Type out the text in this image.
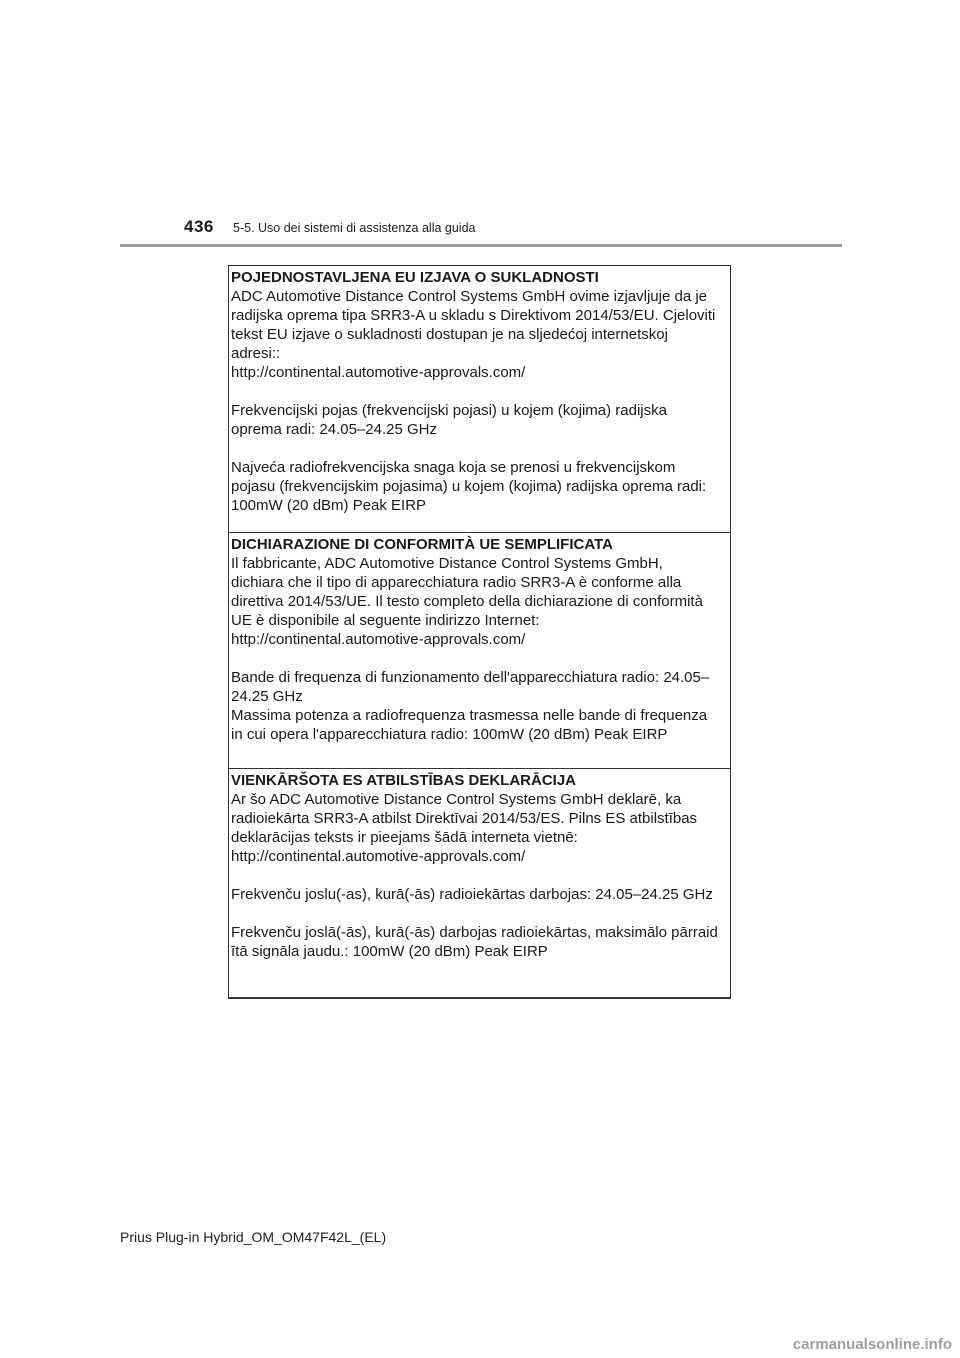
436 5-5. Uso dei sistemi di assistenza alla guida

POJEDNOSTAVLJENA EU IZJAVA O SUKLADNOSTI

ADC Automotive Distance Control Systems GmbH ovime izjavljuje da je
radijska oprema tipa SRR3-A u skladu s Direktivom 2014/53/EU. Cjeloviti
tekst EU izjave o sukladnosti dostupan je na sljedećoj internetskoj
adresi::
http://continental.automotive-approvals.com/

Frekvencijski pojas (frekvencijski pojasi) u kojem (kojima) radijska
oprema radi: 24.05–24.25 GHz

Najveća radiofrekvencijska snaga koja se prenosi u frekvencijskom
pojasu (frekvencijskim pojasima) u kojem (kojima) radijska oprema radi:
100mW (20 dBm) Peak EIRP

DICHIARAZIONE DI CONFORMITÀ UE SEMPLIFICATA

Il fabbricante, ADC Automotive Distance Control Systems GmbH,
dichiara che il tipo di apparecchiatura radio SRR3-A è conforme alla
direttiva 2014/53/UE. Il testo completo della dichiarazione di conformità
UE è disponibile al seguente indirizzo Internet:
http://continental.automotive-approvals.com/

Bande di frequenza di funzionamento dell'apparecchiatura radio: 24.05–
24.25 GHz
Massima potenza a radiofrequenza trasmessa nelle bande di frequenza
in cui opera l'apparecchiatura radio: 100mW (20 dBm) Peak EIRP

VIENKĀRŠOTA ES ATBILSTĪBAS DEKLARĀCIJA

Ar šo ADC Automotive Distance Control Systems GmbH deklarē, ka
radioiekārta SRR3-A atbilst Direktīvai 2014/53/ES. Pilns ES atbilstības
deklarācijas teksts ir pieejams šādā interneta vietnē:
http://continental.automotive-approvals.com/

Frekvenču joslu(-as), kurā(-ās) radioiekārtas darbojas: 24.05–24.25 GHz

Frekvenču joslā(-ās), kurā(-ās) darbojas radioiekārtas, maksimālo pārraid
ītā signāla jaudu.: 100mW (20 dBm) Peak EIRP

Prius Plug-in Hybrid_OM_OM47F42L_(EL)
carmanualsonline.info
